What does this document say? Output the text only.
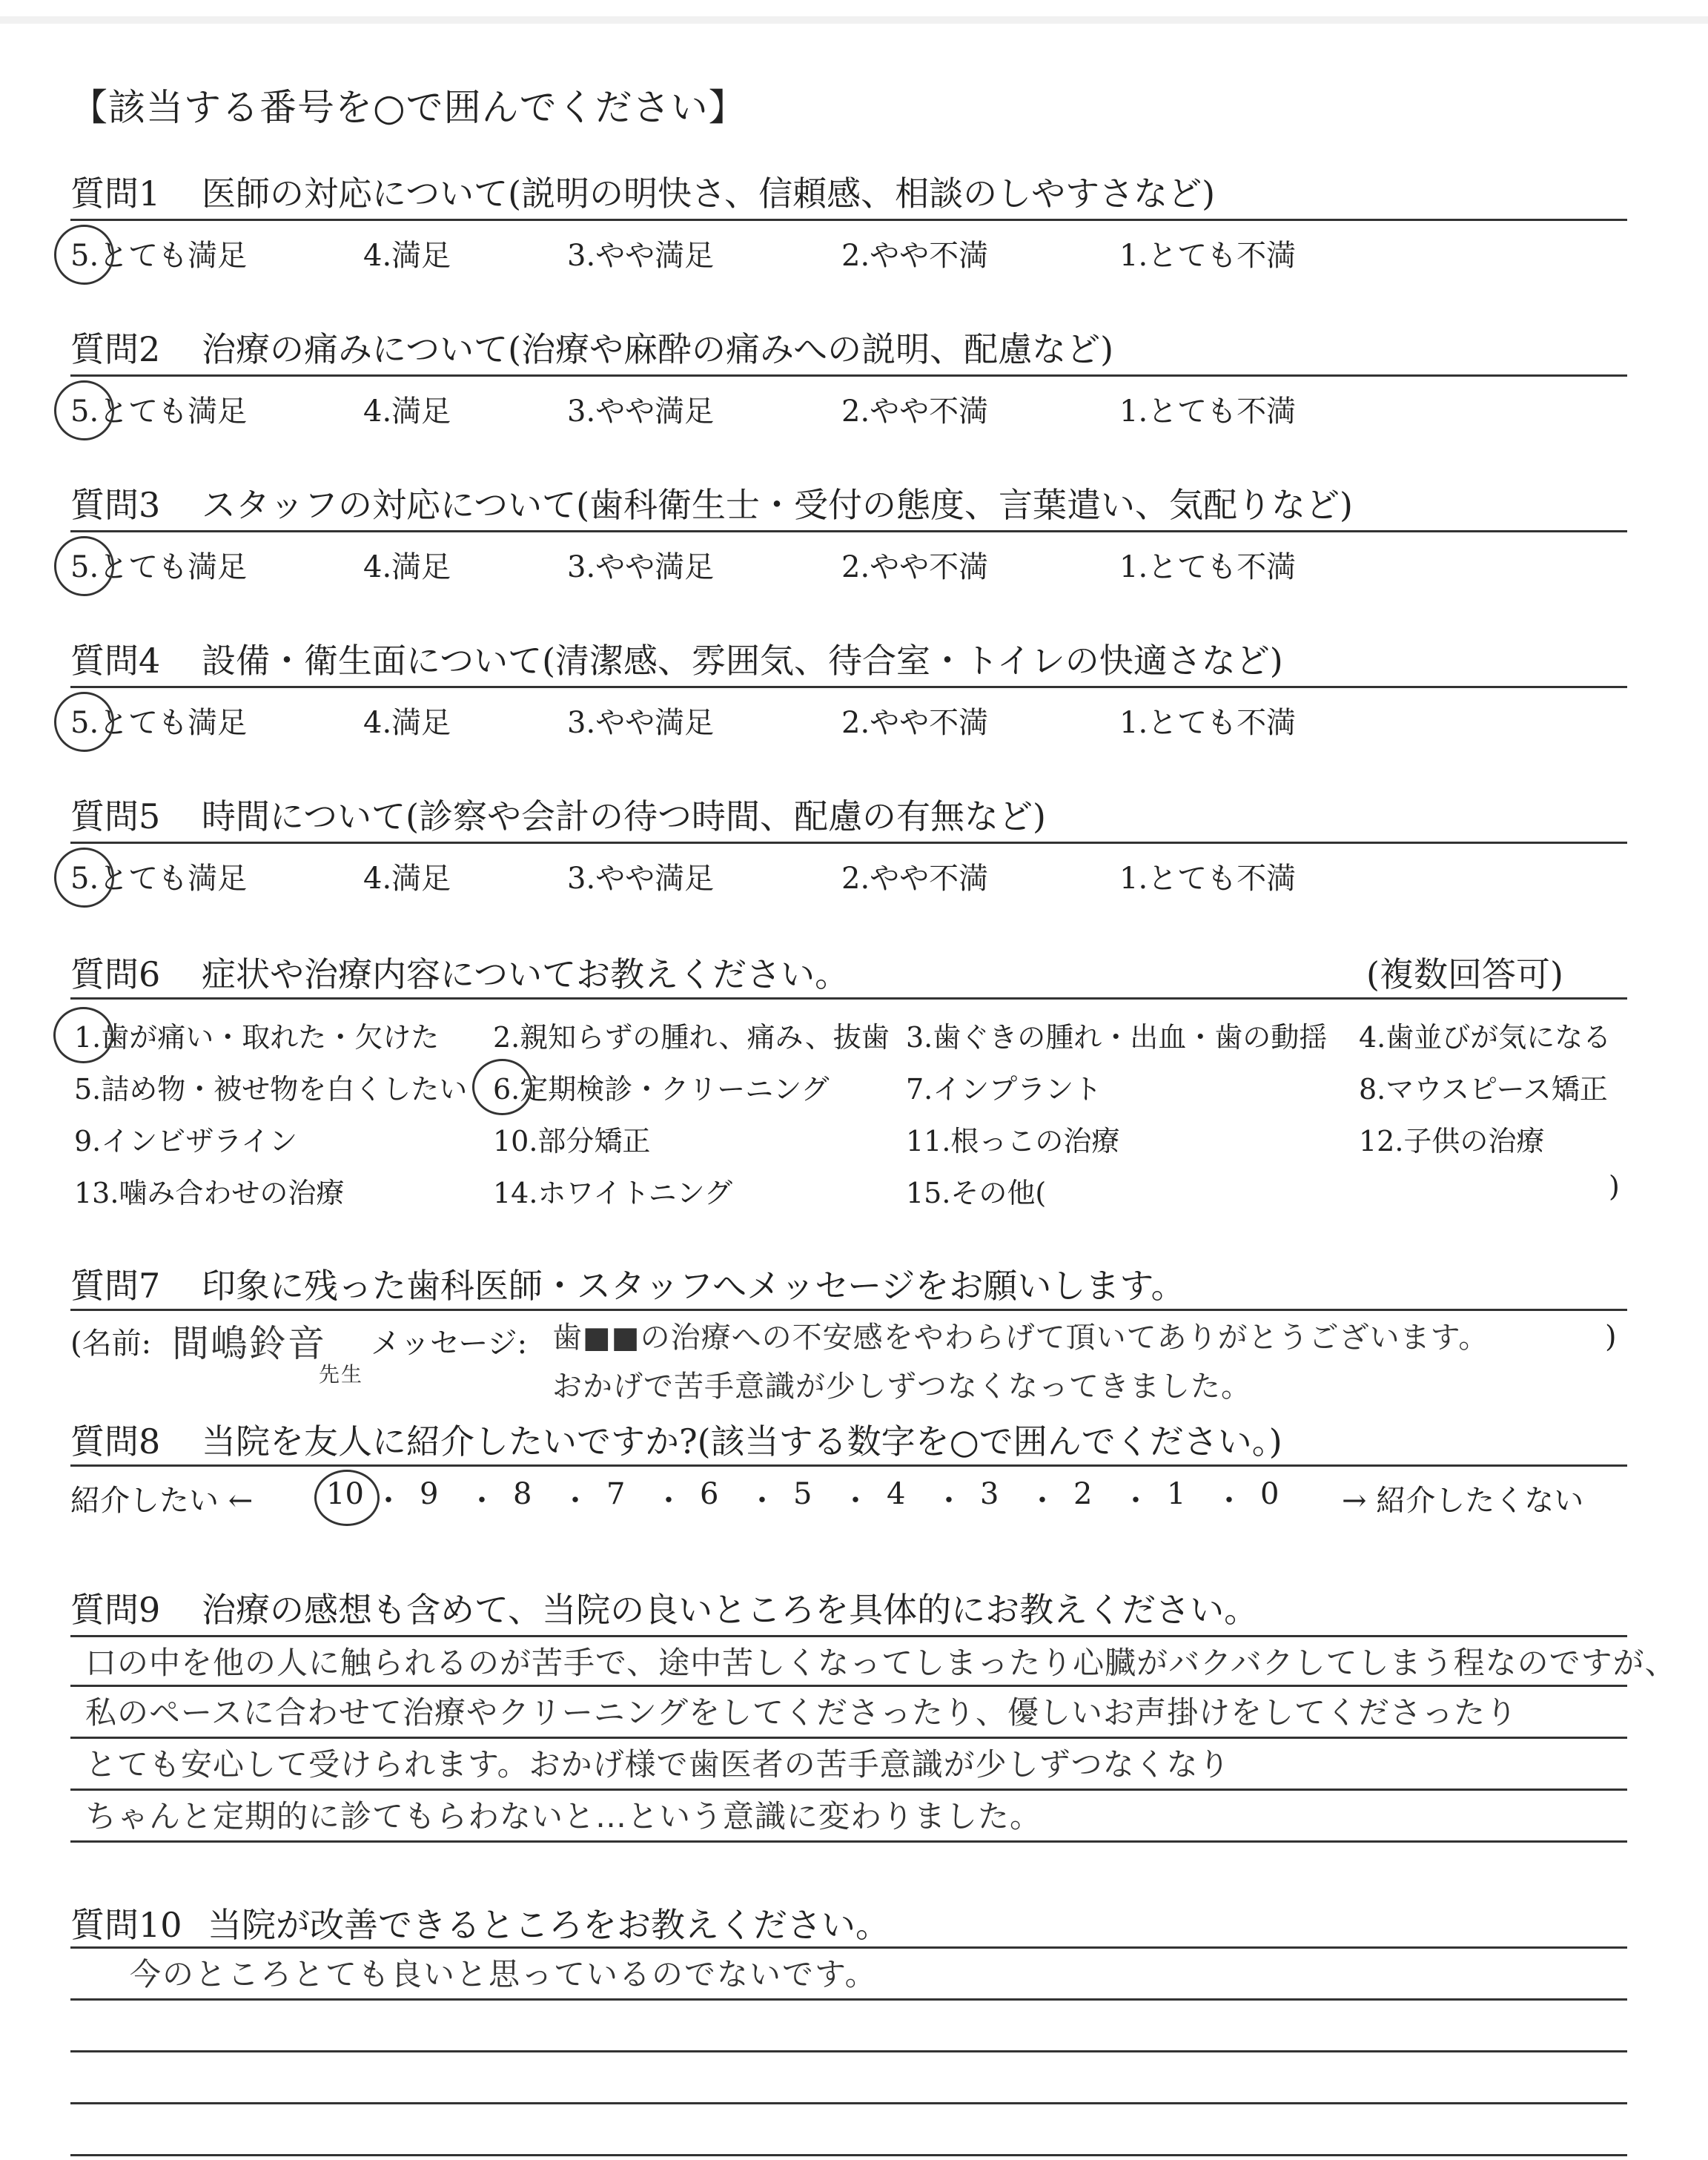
【該当する番号を○で囲んでください】
質問1 医師の対応について(説明の明快さ、信頼感、相談のしやすさなど)
5.とても満足	4.満足	3.やや満足	2.やや不満	1.とても不満
質問2 治療の痛みについて(治療や麻酔の痛みへの説明、配慮など)
5.とても満足	4.満足	3.やや満足	2.やや不満	1.とても不満
質問3 スタッフの対応について(歯科衛生士・受付の態度、言葉遣い、気配りなど)
5.とても満足	4.満足	3.やや満足	2.やや不満	1.とても不満
質問4 設備・衛生面について(清潔感、雰囲気、待合室・トイレの快適さなど)
5.とても満足	4.満足	3.やや満足	2.やや不満	1.とても不満
質問5 時間について(診察や会計の待つ時間、配慮の有無など)
5.とても満足	4.満足	3.やや満足	2.やや不満	1.とても不満
質問6 症状や治療内容についてお教えください。	(複数回答可)
1.歯が痛い・取れた・欠けた 2.親知らずの腫れ、痛み、抜歯 3.歯ぐきの腫れ・出血・歯の動揺 4.歯並びが気になる
5.詰め物・被せ物を白くしたい 6.定期検診・クリーニング	7.インプラント	8.マウスピース矯正
9.インビザライン	10.部分矯正	11.根っこの治療	12.子供の治療
13.噛み合わせの治療	14.ホワイトニング	15.その他(	)
質問7 印象に残った歯科医師・スタッフへメッセージをお願いします。
(名前: 間嶋鈴音
先生
メッセージ: 歯■■の治療への不安感をやわらげて頂いてありがとうございます。	)
おかげで苦手意識が少しずつなくなってきました。
質問8 当院を友人に紹介したいですか?(該当する数字を○で囲んでください。)
紹介したい ← 10 ・ 9 ・ 8 ・ 7 ・ 6 ・ 5 ・ 4 ・ 3 ・ 2 ・ 1 ・ 0 → 紹介したくない
質問9 治療の感想も含めて、当院の良いところを具体的にお教えください。
口の中を他の人に触られるのが苦手で、途中苦しくなってしまったり心臓がバクバクしてしまう程なのですが、
私のペースに合わせて治療やクリーニングをしてくださったり、優しいお声掛けをしてくださったり
とても安心して受けられます。おかげ様で歯医者の苦手意識が少しずつなくなり
ちゃんと定期的に診てもらわないと…という意識に変わりました。
質問10 当院が改善できるところをお教えください。
今のところとても良いと思っているのでないです。
